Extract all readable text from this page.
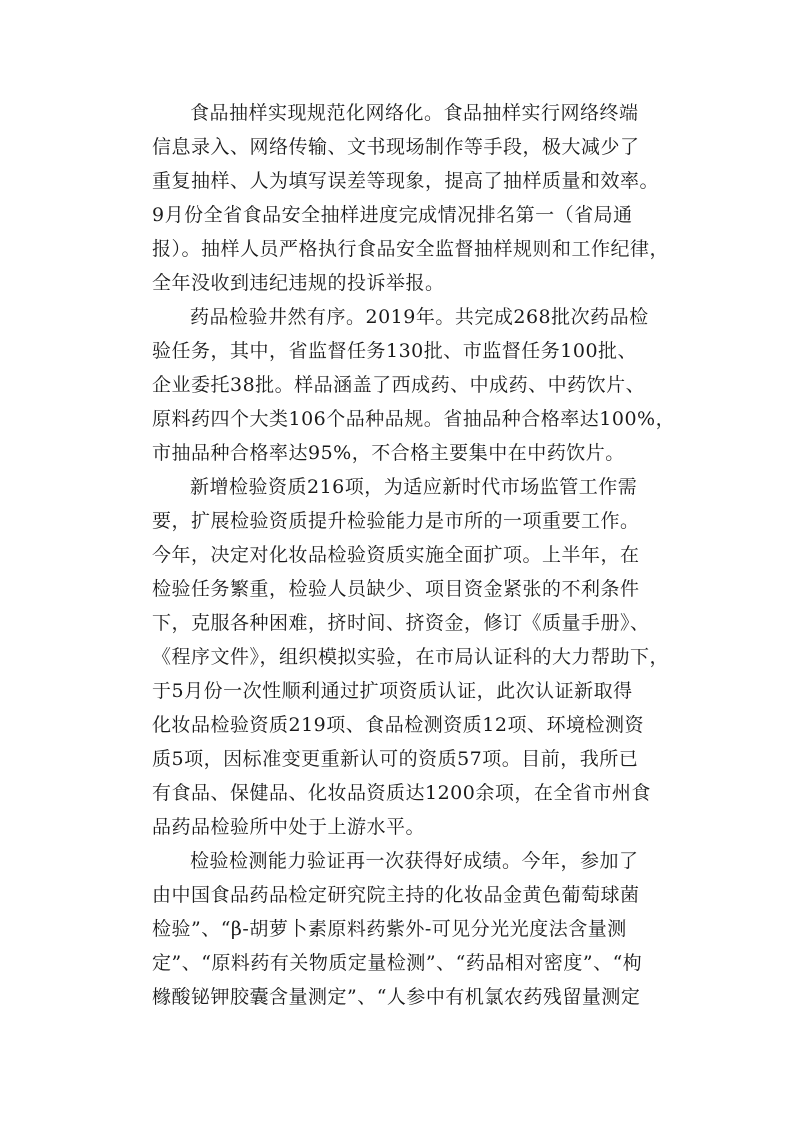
食品抽样实现规范化网络化。食品抽样实行网络终端
信息录入、网络传输、文书现场制作等手段，极大减少了
重复抽样、人为填写误差等现象，提高了抽样质量和效率。
9月份全省食品安全抽样进度完成情况排名第一（省局通
报）。抽样人员严格执行食品安全监督抽样规则和工作纪律，
全年没收到违纪违规的投诉举报。
药品检验井然有序。2019年。共完成268批次药品检
验任务，其中，省监督任务130批、市监督任务100批、
企业委托38批。样品涵盖了西成药、中成药、中药饮片、
原料药四个大类106个品种品规。省抽品种合格率达100%，
市抽品种合格率达95%，不合格主要集中在中药饮片。
新增检验资质216项，为适应新时代市场监管工作需
要，扩展检验资质提升检验能力是市所的一项重要工作。
今年，决定对化妆品检验资质实施全面扩项。上半年，在
检验任务繁重，检验人员缺少、项目资金紧张的不利条件
下，克服各种困难，挤时间、挤资金，修订《质量手册》、
《程序文件》，组织模拟实验，在市局认证科的大力帮助下，
于5月份一次性顺利通过扩项资质认证，此次认证新取得
化妆品检验资质219项、食品检测资质12项、环境检测资
质5项，因标准变更重新认可的资质57项。目前，我所已
有食品、保健品、化妆品资质达1200余项，在全省市州食
品药品检验所中处于上游水平。
检验检测能力验证再一次获得好成绩。今年，参加了
由中国食品药品检定研究院主持的化妆品金黄色葡萄球菌
检验”、“β-胡萝卜素原料药紫外-可见分光光度法含量测
定”、“原料药有关物质定量检测”、“药品相对密度”、“枸
橼酸铋钾胶囊含量测定”、“人参中有机氯农药残留量测定
